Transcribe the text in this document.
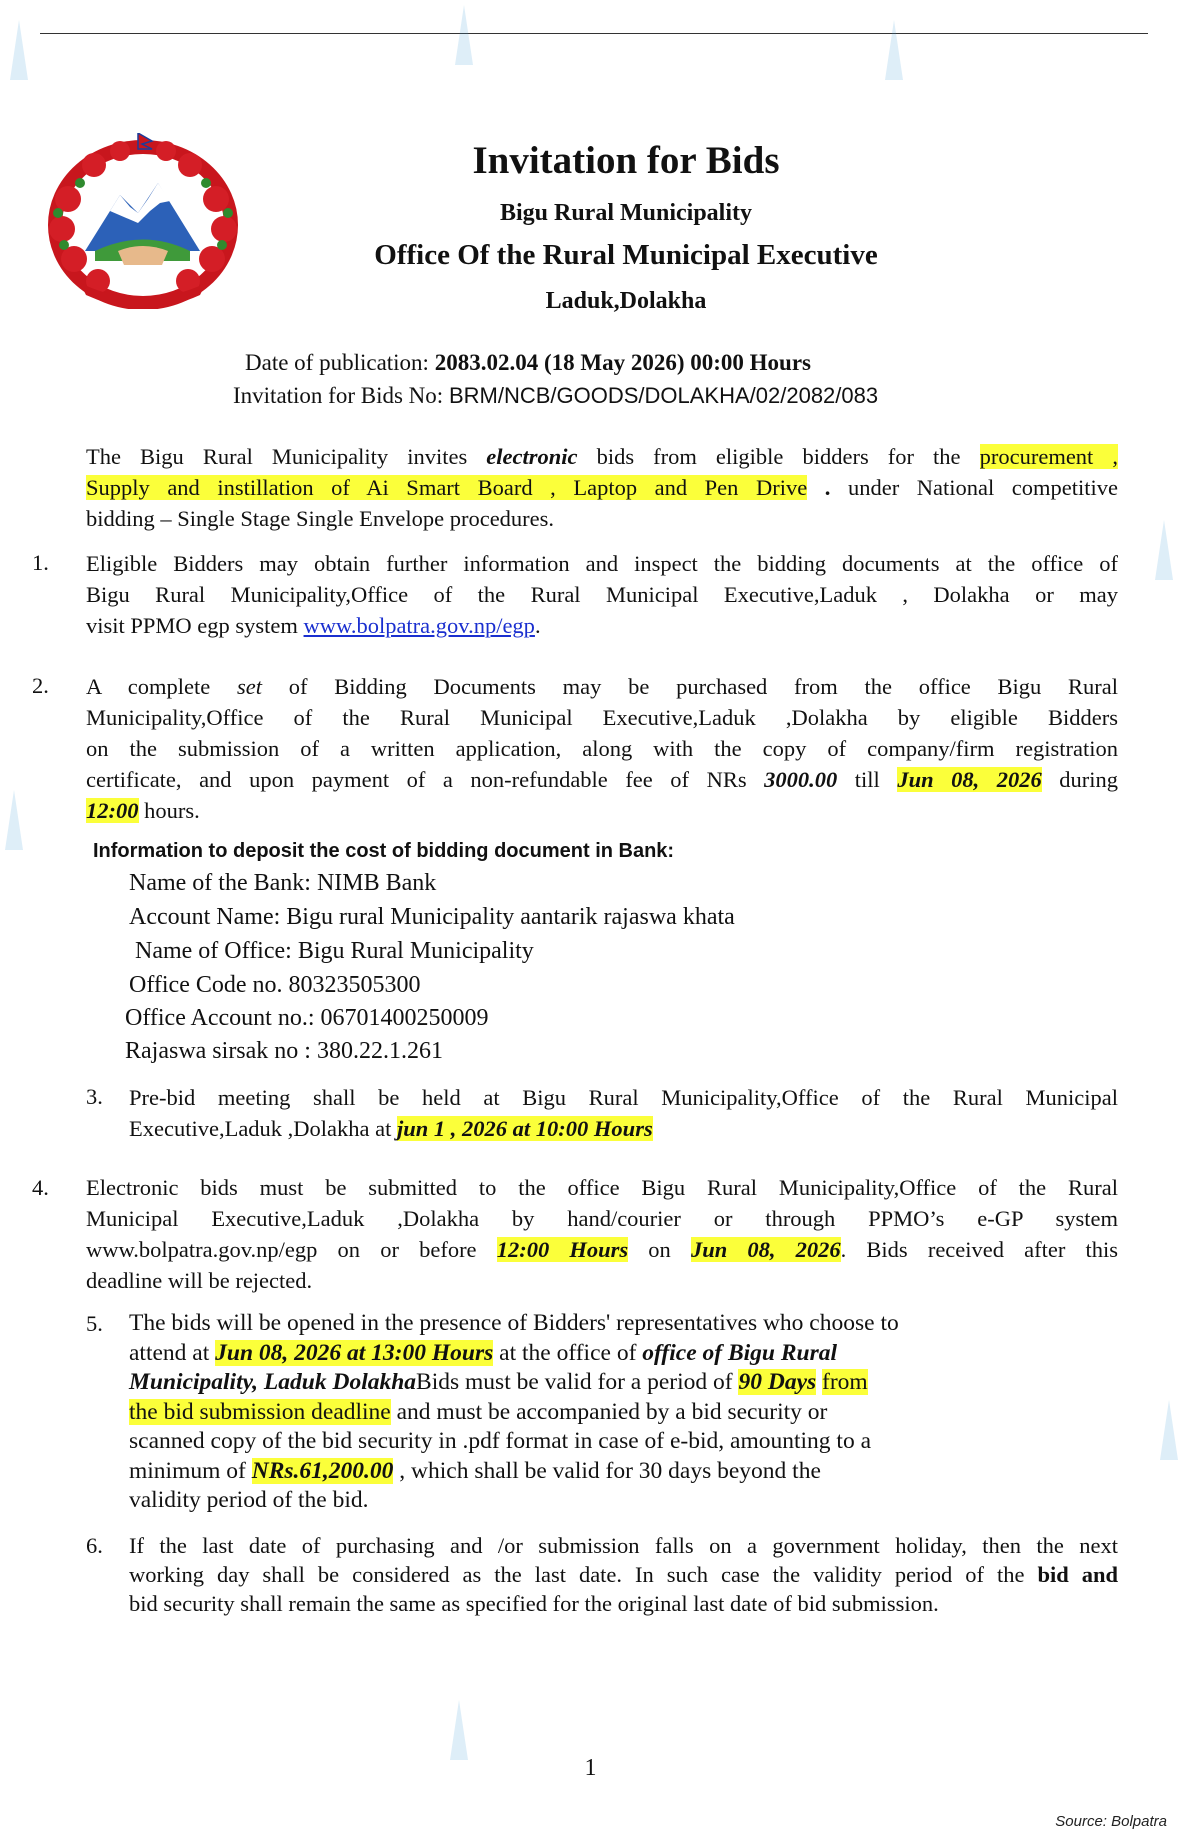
Invitation for Bids
Bigu Rural Municipality
Office Of the Rural Municipal Executive
Laduk,Dolakha
Date of publication: 2083.02.04 (18 May 2026) 00:00 Hours
Invitation for Bids No: BRM/NCB/GOODS/DOLAKHA/02/2082/083
The Bigu Rural Municipality invites electronic bids from eligible bidders for the procurement ,
Supply and instillation of Ai Smart Board , Laptop and Pen Drive . under National competitive
bidding – Single Stage Single Envelope procedures.
1. Eligible Bidders may obtain further information and inspect the bidding documents at the office of
Bigu Rural Municipality,Office of the Rural Municipal Executive,Laduk , Dolakha or may
visit PPMO egp system www.bolpatra.gov.np/egp.
2. A complete set of Bidding Documents may be purchased from the office Bigu Rural
Municipality,Office of the Rural Municipal Executive,Laduk ,Dolakha by eligible Bidders
on the submission of a written application, along with the copy of company/firm registration
certificate, and upon payment of a non-refundable fee of NRs 3000.00 till Jun 08, 2026 during
12:00 hours.
Information to deposit the cost of bidding document in Bank:
Name of the Bank: NIMB Bank
Account Name: Bigu rural Municipality aantarik rajaswa khata
Name of Office: Bigu Rural Municipality
Office Code no. 80323505300
Office Account no.: 06701400250009
Rajaswa sirsak no : 380.22.1.261
3. Pre-bid meeting shall be held at Bigu Rural Municipality,Office of the Rural Municipal
Executive,Laduk ,Dolakha at jun 1 , 2026 at 10:00 Hours
4. Electronic bids must be submitted to the office Bigu Rural Municipality,Office of the Rural
Municipal Executive,Laduk ,Dolakha by hand/courier or through PPMO’s e-GP system
www.bolpatra.gov.np/egp on or before 12:00 Hours on Jun 08, 2026. Bids received after this
deadline will be rejected.
5. The bids will be opened in the presence of Bidders' representatives who choose to
attend at Jun 08, 2026 at 13:00 Hours at the office of office of Bigu Rural
Municipality, Laduk DolakhaBids must be valid for a period of 90 Days from
the bid submission deadline and must be accompanied by a bid security or
scanned copy of the bid security in .pdf format in case of e-bid, amounting to a
minimum of NRs.61,200.00 , which shall be valid for 30 days beyond the
validity period of the bid.
6. If the last date of purchasing and /or submission falls on a government holiday, then the next
working day shall be considered as the last date. In such case the validity period of the bid and
bid security shall remain the same as specified for the original last date of bid submission.
1
Source: Bolpatra
